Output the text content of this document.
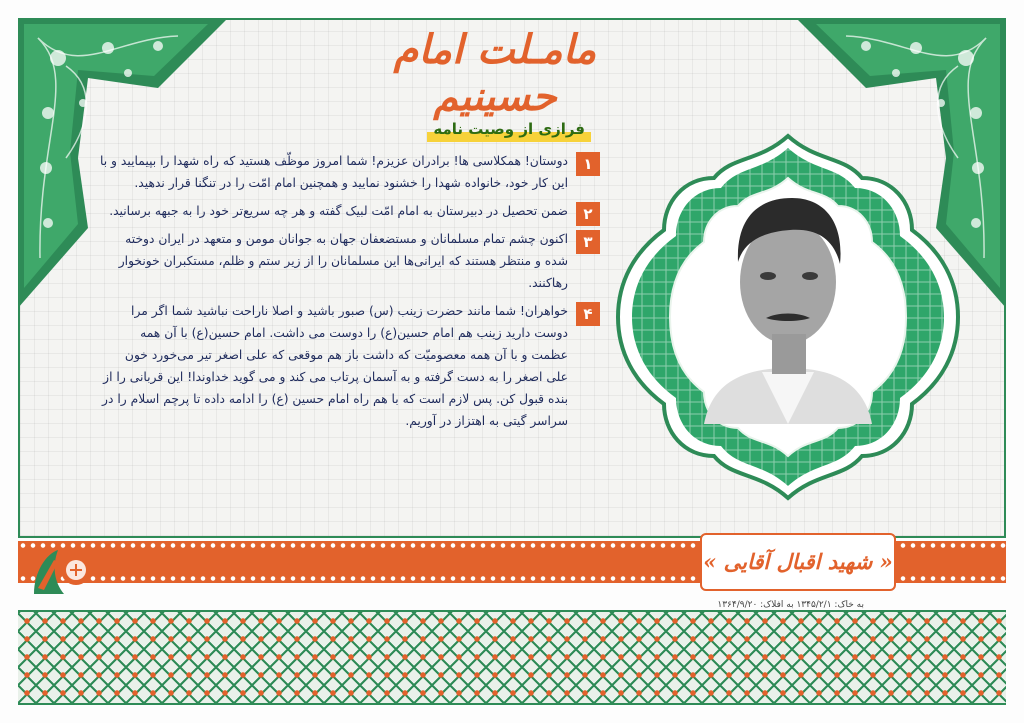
مامـلت امام حسینیم
فرازی از وصیت نامه
۱
دوستان! همکلاسی ها! برادران عزیزم! شما امروز موظّف هستید که راه شهدا را بپیمایید و با این کار خود، خانواده شهدا را خشنود نمایید و همچنین امام امّت را در تنگنا قرار ندهید.
۲
ضمن تحصیل در دبیرستان به امام امّت لبیک گفته و هر چه سریع‌تر خود را به جبهه برسانید.
۳
اکنون چشم تمام مسلمانان و مستضعفان جهان به جوانان مومن و متعهد در ایران دوخته شده و منتظر هستند که ایرانی‌ها این مسلمانان را از زیر ستم و ظلم، مستکبران خونخوار رها‌کنند.
۴
خواهران! شما مانند حضرت زینب (س) صبور باشید و اصلا ناراحت نباشید شما اگر مرا دوست دارید زینب هم امام حسین(ع) را دوست می داشت. امام حسین(ع) با آن همه عظمت و با آن همه معصومیّت که داشت باز هم موقعی که علی اصغر تیر می‌خورد خون علی اصغر را به دست گرفته و به آسمان پرتاب می کند و می گوید خداوندا! این قربانی را از بنده قبول کن. پس لازم است که با هم راه امام حسین (ع) را ادامه داده تا پرچم اسلام را در سراسر گیتی به اهتزاز در آوریم.
« شهید اقبال آقایی »
به خاک: ۱۳۴۵/۲/۱ به افلاک: ۱۳۶۴/۹/۲۰
